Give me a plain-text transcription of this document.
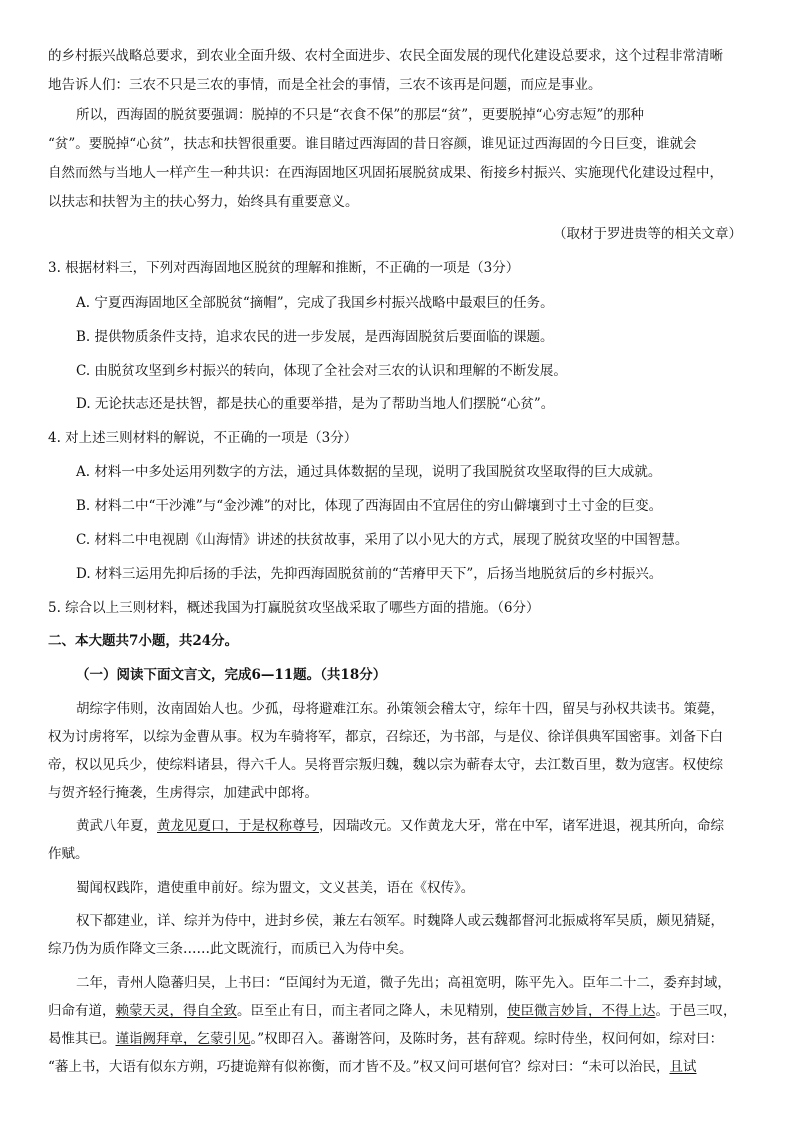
的乡村振兴战略总要求，到农业全面升级、农村全面进步、农民全面发展的现代化建设总要求，这个过程非常清晰
地告诉人们：三农不只是三农的事情，而是全社会的事情，三农不该再是问题，而应是事业。
所以，西海固的脱贫要强调：脱掉的不只是“衣食不保”的那层“贫”，更要脱掉“心穷志短”的那种
“贫”。要脱掉“心贫”，扶志和扶智很重要。谁目睹过西海固的昔日容颜，谁见证过西海固的今日巨变，谁就会
自然而然与当地人一样产生一种共识：在西海固地区巩固拓展脱贫成果、衔接乡村振兴、实施现代化建设过程中，
以扶志和扶智为主的扶心努力，始终具有重要意义。
（取材于罗进贵等的相关文章）
3. 根据材料三，下列对西海固地区脱贫的理解和推断，不正确的一项是（3分）
A. 宁夏西海固地区全部脱贫“摘帽”，完成了我国乡村振兴战略中最艰巨的任务。
B. 提供物质条件支持，追求农民的进一步发展，是西海固脱贫后要面临的课题。
C. 由脱贫攻坚到乡村振兴的转向，体现了全社会对三农的认识和理解的不断发展。
D. 无论扶志还是扶智，都是扶心的重要举措，是为了帮助当地人们摆脱“心贫”。
4. 对上述三则材料的解说，不正确的一项是（3分）
A. 材料一中多处运用列数字的方法，通过具体数据的呈现，说明了我国脱贫攻坚取得的巨大成就。
B. 材料二中“干沙滩”与“金沙滩”的对比，体现了西海固由不宜居住的穷山僻壤到寸土寸金的巨变。
C. 材料二中电视剧《山海情》讲述的扶贫故事，采用了以小见大的方式，展现了脱贫攻坚的中国智慧。
D. 材料三运用先抑后扬的手法，先抑西海固脱贫前的“苦瘠甲天下”，后扬当地脱贫后的乡村振兴。
5. 综合以上三则材料，概述我国为打赢脱贫攻坚战采取了哪些方面的措施。（6分）
二、本大题共7小题，共24分。
（一）阅读下面文言文，完成6—11题。（共18分）
胡综字伟则，汝南固始人也。少孤，母将避难江东。孙策领会稽太守，综年十四，留吴与孙权共读书。策薨，
权为讨虏将军，以综为金曹从事。权为车骑将军，都京，召综还，为书部，与是仪、徐详俱典军国密事。刘备下白
帝，权以见兵少，使综料诸县，得六千人。吴将晋宗叛归魏，魏以宗为蕲春太守，去江数百里，数为寇害。权使综
与贺齐轻行掩袭，生虏得宗，加建武中郎将。
黄武八年夏，黄龙见夏口，于是权称尊号，因瑞改元。又作黄龙大牙，常在中军，诸军进退，视其所向，命综
作赋。
蜀闻权践阼，遣使重申前好。综为盟文，文义甚美，语在《权传》。
权下都建业，详、综并为侍中，进封乡侯，兼左右领军。时魏降人或云魏都督河北振威将军吴质，颇见猜疑，
综乃伪为质作降文三条……此文既流行，而质已入为侍中矣。
二年，青州人隐蕃归吴，上书曰：“臣闻纣为无道，微子先出；高祖宽明，陈平先入。臣年二十二，委弃封域，
归命有道，赖蒙天灵，得自全致。臣至止有日，而主者同之降人，未见精别，使臣微言妙旨，不得上达。于邑三叹，
曷惟其已。谨诣阙拜章，乞蒙引见。”权即召入。蕃谢答问，及陈时务，甚有辞观。综时侍坐，权问何如，综对曰：
“蕃上书，大语有似东方朔，巧捷诡辩有似祢衡，而才皆不及。”权又问可堪何官？综对曰：“未可以治民，且试
